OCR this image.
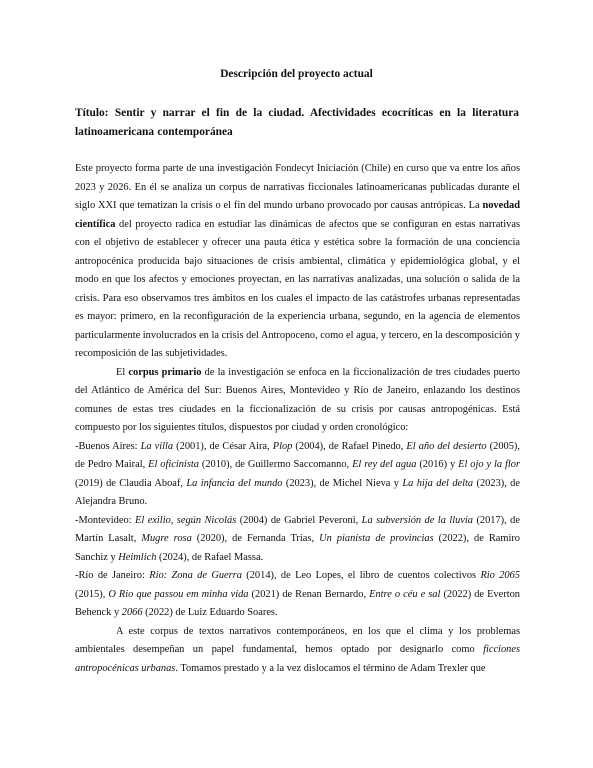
Descripción del proyecto actual
Título: Sentir y narrar el fin de la ciudad. Afectividades ecocríticas en la literatura latinoamericana contemporánea

Este proyecto forma parte de una investigación Fondecyt Iniciación (Chile) en curso que va entre los años 2023 y 2026. En él se analiza un corpus de narrativas ficcionales latinoamericanas publicadas durante el siglo XXI que tematizan la crisis o el fin del mundo urbano provocado por causas antrópicas. La novedad científica del proyecto radica en estudiar las dinámicas de afectos que se configuran en estas narrativas con el objetivo de establecer y ofrecer una pauta ética y estética sobre la formación de una conciencia antropocénica producida bajo situaciones de crisis ambiental, climática y epidemiológica global, y el modo en que los afectos y emociones proyectan, en las narrativas analizadas, una solución o salida de la crisis. Para eso observamos tres ámbitos en los cuales el impacto de las catástrofes urbanas representadas es mayor: primero, en la reconfiguración de la experiencia urbana, segundo, en la agencia de elementos particularmente involucrados en la crisis del Antropoceno, como el agua, y tercero, en la descomposición y recomposición de las subjetividades.

El corpus primario de la investigación se enfoca en la ficcionalización de tres ciudades puerto del Atlántico de América del Sur: Buenos Aires, Montevideo y Río de Janeiro, enlazando los destinos comunes de estas tres ciudades en la ficcionalización de su crisis por causas antropogénicas. Está compuesto por los siguientes títulos, dispuestos por ciudad y orden cronológico:

-Buenos Aires: La villa (2001), de César Aira, Plop (2004), de Rafael Pinedo, El año del desierto (2005), de Pedro Mairal, El oficinista (2010), de Guillermo Saccomanno, El rey del agua (2016) y El ojo y la flor (2019) de Claudia Aboaf, La infancia del mundo (2023), de Michel Nieva y La hija del delta (2023), de Alejandra Bruno.

-Montevideo: El exilio, según Nicolás (2004) de Gabriel Peveroni, La subversión de la lluvia (2017), de Martín Lasalt, Mugre rosa (2020), de Fernanda Trías, Un pianista de provincias (2022), de Ramiro Sanchiz y Heimlich (2024), de Rafael Massa.

-Río de Janeiro: Rio: Zona de Guerra (2014), de Leo Lopes, el libro de cuentos colectivos Rio 2065 (2015), O Rio que passou em minha vida (2021) de Renan Bernardo, Entre o céu e sal (2022) de Everton Behenck y 2066 (2022) de Luiz Eduardo Soares.

A este corpus de textos narrativos contemporáneos, en los que el clima y los problemas ambientales desempeñan un papel fundamental, hemos optado por designarlo como ficciones antropocénicas urbanas. Tomamos prestado y a la vez dislocamos el término de Adam Trexler que
